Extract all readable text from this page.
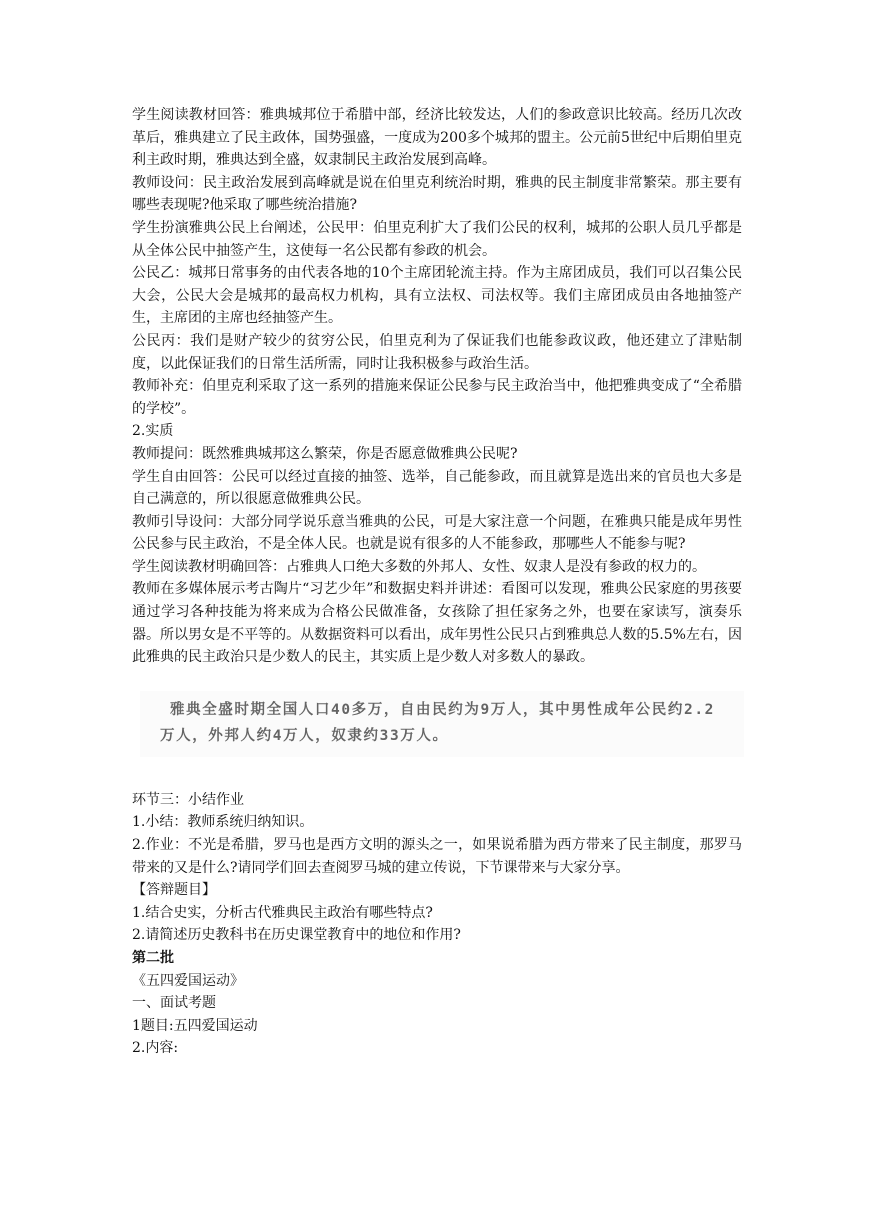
学生阅读教材回答：雅典城邦位于希腊中部，经济比较发达，人们的参政意识比较高。经历几次改革后，雅典建立了民主政体，国势强盛，一度成为200多个城邦的盟主。公元前5世纪中后期伯里克利主政时期，雅典达到全盛，奴隶制民主政治发展到高峰。

教师设问：民主政治发展到高峰就是说在伯里克利统治时期，雅典的民主制度非常繁荣。那主要有哪些表现呢?他采取了哪些统治措施?

学生扮演雅典公民上台阐述，公民甲：伯里克利扩大了我们公民的权利，城邦的公职人员几乎都是从全体公民中抽签产生，这使每一名公民都有参政的机会。

公民乙：城邦日常事务的由代表各地的10个主席团轮流主持。作为主席团成员，我们可以召集公民大会，公民大会是城邦的最高权力机构，具有立法权、司法权等。我们主席团成员由各地抽签产生，主席团的主席也经抽签产生。

公民丙：我们是财产较少的贫穷公民，伯里克利为了保证我们也能参政议政，他还建立了津贴制度，以此保证我们的日常生活所需，同时让我积极参与政治生活。

教师补充：伯里克利采取了这一系列的措施来保证公民参与民主政治当中，他把雅典变成了“全希腊的学校”。

2.实质

教师提问：既然雅典城邦这么繁荣，你是否愿意做雅典公民呢?

学生自由回答：公民可以经过直接的抽签、选举，自己能参政，而且就算是选出来的官员也大多是自己满意的，所以很愿意做雅典公民。

教师引导设问：大部分同学说乐意当雅典的公民，可是大家注意一个问题，在雅典只能是成年男性公民参与民主政治，不是全体人民。也就是说有很多的人不能参政，那哪些人不能参与呢?

学生阅读教材明确回答：占雅典人口绝大多数的外邦人、女性、奴隶人是没有参政的权力的。

教师在多媒体展示考古陶片“习艺少年”和数据史料并讲述：看图可以发现，雅典公民家庭的男孩要通过学习各种技能为将来成为合格公民做准备，女孩除了担任家务之外，也要在家读写，演奏乐器。所以男女是不平等的。从数据资料可以看出，成年男性公民只占到雅典总人数的5.5%左右，因此雅典的民主政治只是少数人的民主，其实质上是少数人对多数人的暴政。

雅典全盛时期全国人口40多万，自由民约为9万人，其中男性成年公民约2.2
万人，外邦人约4万人，奴隶约33万人。

环节三：小结作业

1.小结：教师系统归纳知识。

2.作业：不光是希腊，罗马也是西方文明的源头之一，如果说希腊为西方带来了民主制度，那罗马带来的又是什么?请同学们回去查阅罗马城的建立传说，下节课带来与大家分享。

【答辩题目】

1.结合史实，分析古代雅典民主政治有哪些特点?

2.请简述历史教科书在历史课堂教育中的地位和作用?

第二批

《五四爱国运动》

一、面试考题

1题目:五四爱国运动

2.内容:
